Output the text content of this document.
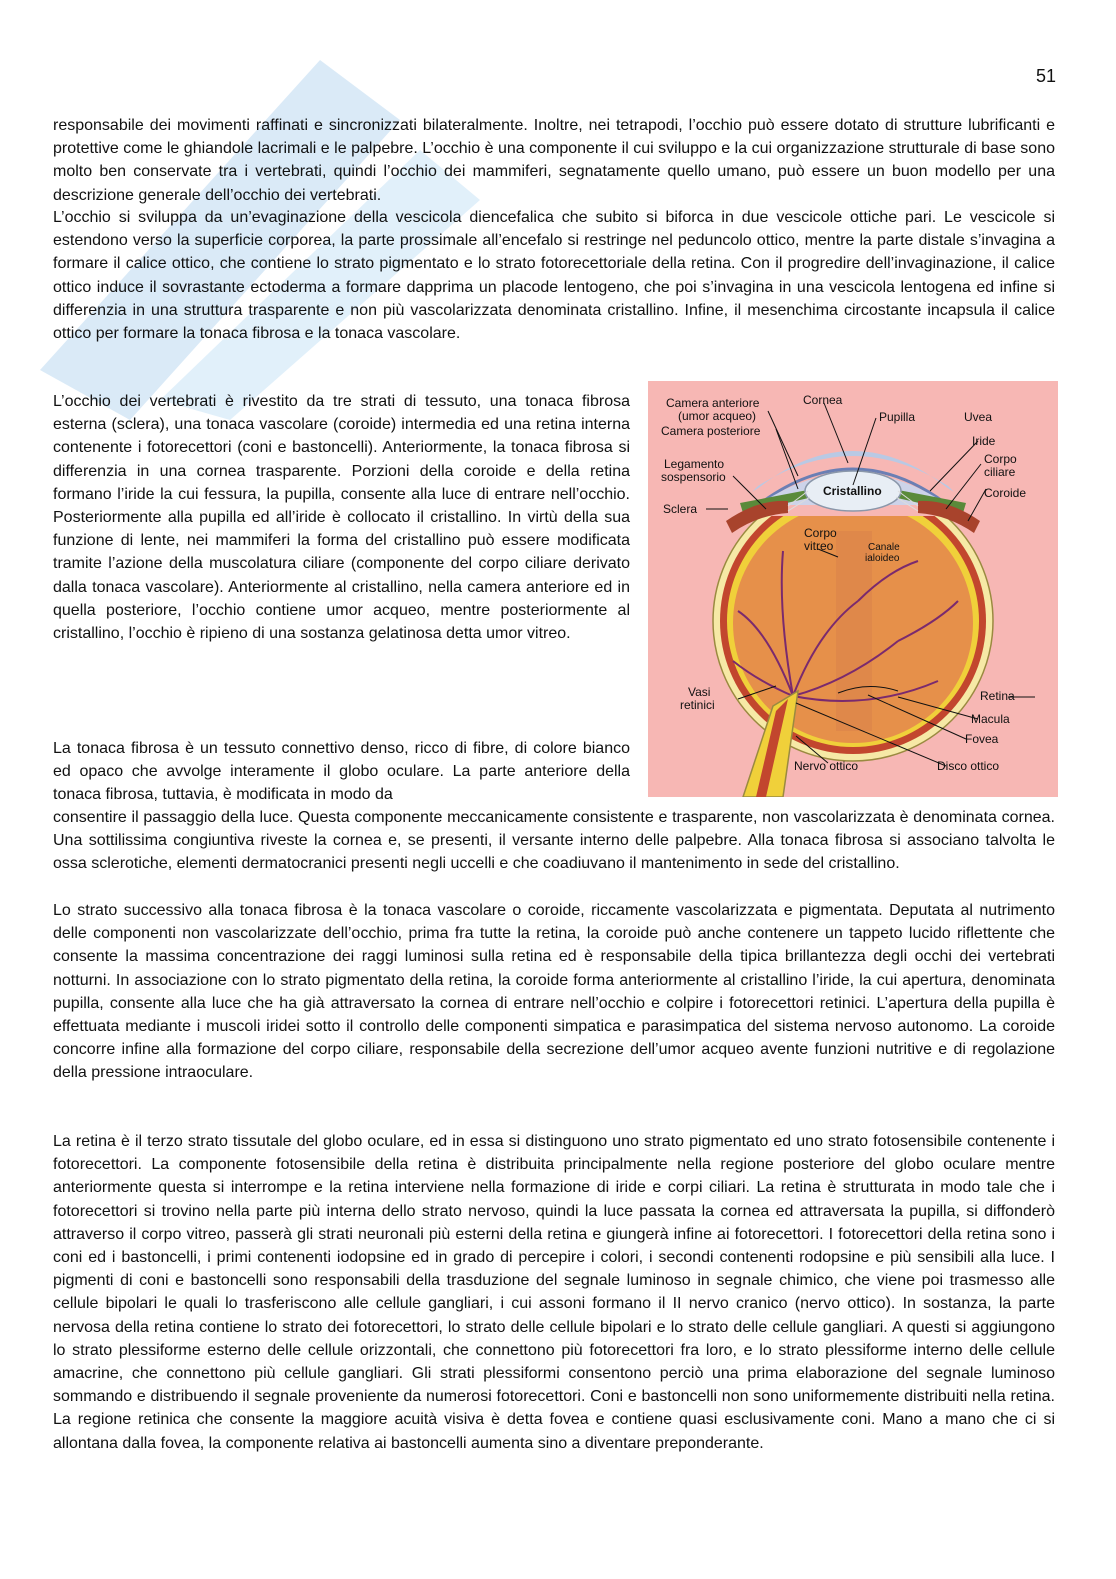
51

responsabile dei movimenti raffinati e sincronizzati bilateralmente. Inoltre, nei tetrapodi, l’occhio può essere dotato di strutture lubrificanti e protettive come le ghiandole lacrimali e le palpebre. L’occhio è una componente il cui sviluppo e la cui organizzazione strutturale di base sono molto ben conservate tra i vertebrati, quindi l’occhio dei mammiferi, segnatamente quello umano, può essere un buon modello per una descrizione generale dell’occhio dei vertebrati.

L’occhio si sviluppa da un’evaginazione della vescicola diencefalica che subito si biforca in due vescicole ottiche pari. Le vescicole si estendono verso la superficie corporea, la parte prossimale all’encefalo si restringe nel peduncolo ottico, mentre la parte distale s’invagina a formare il calice ottico, che contiene lo strato pigmentato e lo strato fotorecettoriale della retina. Con il progredire dell’invaginazione, il calice ottico induce il sovrastante ectoderma a formare dapprima un placode lentogeno, che poi s’invagina in una vescicola lentogena ed infine si differenzia in una struttura trasparente e non più vascolarizzata denominata cristallino. Infine, il mesenchima circostante incapsula il calice ottico per formare la tonaca fibrosa e la tonaca vascolare.

L’occhio dei vertebrati è rivestito da tre strati di tessuto, una tonaca fibrosa esterna (sclera), una tonaca vascolare (coroide) intermedia ed una retina interna contenente i fotorecettori (coni e bastoncelli). Anteriormente, la tonaca fibrosa si differenzia in una cornea trasparente. Porzioni della coroide e della retina formano l’iride la cui fessura, la pupilla, consente alla luce di entrare nell’occhio. Posteriormente alla pupilla ed all’iride è collocato il cristallino. In virtù della sua funzione di lente, nei mammiferi la forma del cristallino può essere modificata tramite l’azione della muscolatura ciliare (componente del corpo ciliare derivato dalla tonaca vascolare). Anteriormente al cristallino, nella camera anteriore ed in quella posteriore, l’occhio contiene umor acqueo, mentre posteriormente al cristallino, l’occhio è ripieno di una sostanza gelatinosa detta umor vitreo.

La tonaca fibrosa è un tessuto connettivo denso, ricco di fibre, di colore bianco ed opaco che avvolge interamente il globo oculare. La parte anteriore della tonaca fibrosa, tuttavia, è modificata in modo da

consentire il passaggio della luce. Questa componente meccanicamente consistente e trasparente, non vascolarizzata è denominata cornea. Una sottilissima congiuntiva riveste la cornea e, se presenti, il versante interno delle palpebre. Alla tonaca fibrosa si associano talvolta le ossa sclerotiche, elementi dermatocranici presenti negli uccelli e che coadiuvano il mantenimento in sede del cristallino.

Lo strato successivo alla tonaca fibrosa è la tonaca vascolare o coroide, riccamente vascolarizzata e pigmentata. Deputata al nutrimento delle componenti non vascolarizzate dell’occhio, prima fra tutte la retina, la coroide può anche contenere un tappeto lucido riflettente che consente la massima concentrazione dei raggi luminosi sulla retina ed è responsabile della tipica brillantezza degli occhi dei vertebrati notturni. In associazione con lo strato pigmentato della retina, la coroide forma anteriormente al cristallino l’iride, la cui apertura, denominata pupilla, consente alla luce che ha già attraversato la cornea di entrare nell’occhio e colpire i fotorecettori retinici. L’apertura della pupilla è effettuata mediante i muscoli iridei sotto il controllo delle componenti simpatica e parasimpatica del sistema nervoso autonomo. La coroide concorre infine alla formazione del corpo ciliare, responsabile della secrezione dell’umor acqueo avente funzioni nutritive e di regolazione della pressione intraoculare.

La retina è il terzo strato tissutale del globo oculare, ed in essa si distinguono uno strato pigmentato ed uno strato fotosensibile contenente i fotorecettori. La componente fotosensibile della retina è distribuita principalmente nella regione posteriore del globo oculare mentre anteriormente questa si interrompe e la retina interviene nella formazione di iride e corpi ciliari. La retina è strutturata in modo tale che i fotorecettori si trovino nella parte più interna dello strato nervoso, quindi la luce passata la cornea ed attraversata la pupilla, si diffonderò attraverso il corpo vitreo, passerà gli strati neuronali più esterni della retina e giungerà infine ai fotorecettori. I fotorecettori della retina sono i coni ed i bastoncelli, i primi contenenti iodopsine ed in grado di percepire i colori, i secondi contenenti rodopsine e più sensibili alla luce. I pigmenti di coni e bastoncelli sono responsabili della trasduzione del segnale luminoso in segnale chimico, che viene poi trasmesso alle cellule bipolari le quali lo trasferiscono alle cellule gangliari, i cui assoni formano il II nervo cranico (nervo ottico). In sostanza, la parte nervosa della retina contiene lo strato dei fotorecettori, lo strato delle cellule bipolari e lo strato delle cellule gangliari. A questi si aggiungono lo strato plessiforme esterno delle cellule orizzontali, che connettono più fotorecettori fra loro, e lo strato plessiforme interno delle cellule amacrine, che connettono più cellule gangliari. Gli strati plessiformi consentono perciò una prima elaborazione del segnale luminoso sommando e distribuendo il segnale proveniente da numerosi fotorecettori. Coni e bastoncelli non sono uniformemente distribuiti nella retina. La regione retinica che consente la maggiore acuità visiva è detta fovea e contiene quasi esclusivamente coni. Mano a mano che ci si allontana dalla fovea, la componente relativa ai bastoncelli aumenta sino a diventare preponderante.

Camera anteriore
(umor acqueo)
Camera posteriore
Cornea
Pupilla	Uvea
Iride
Corpo
ciliare
Coroide
Legamento
sospensorio
Cristallino
Sclera
Corpo
vitreo	Canale
ialoideo
Vasi
retinici
Retina
Macula
Fovea
Nervo ottico	Disco ottico
